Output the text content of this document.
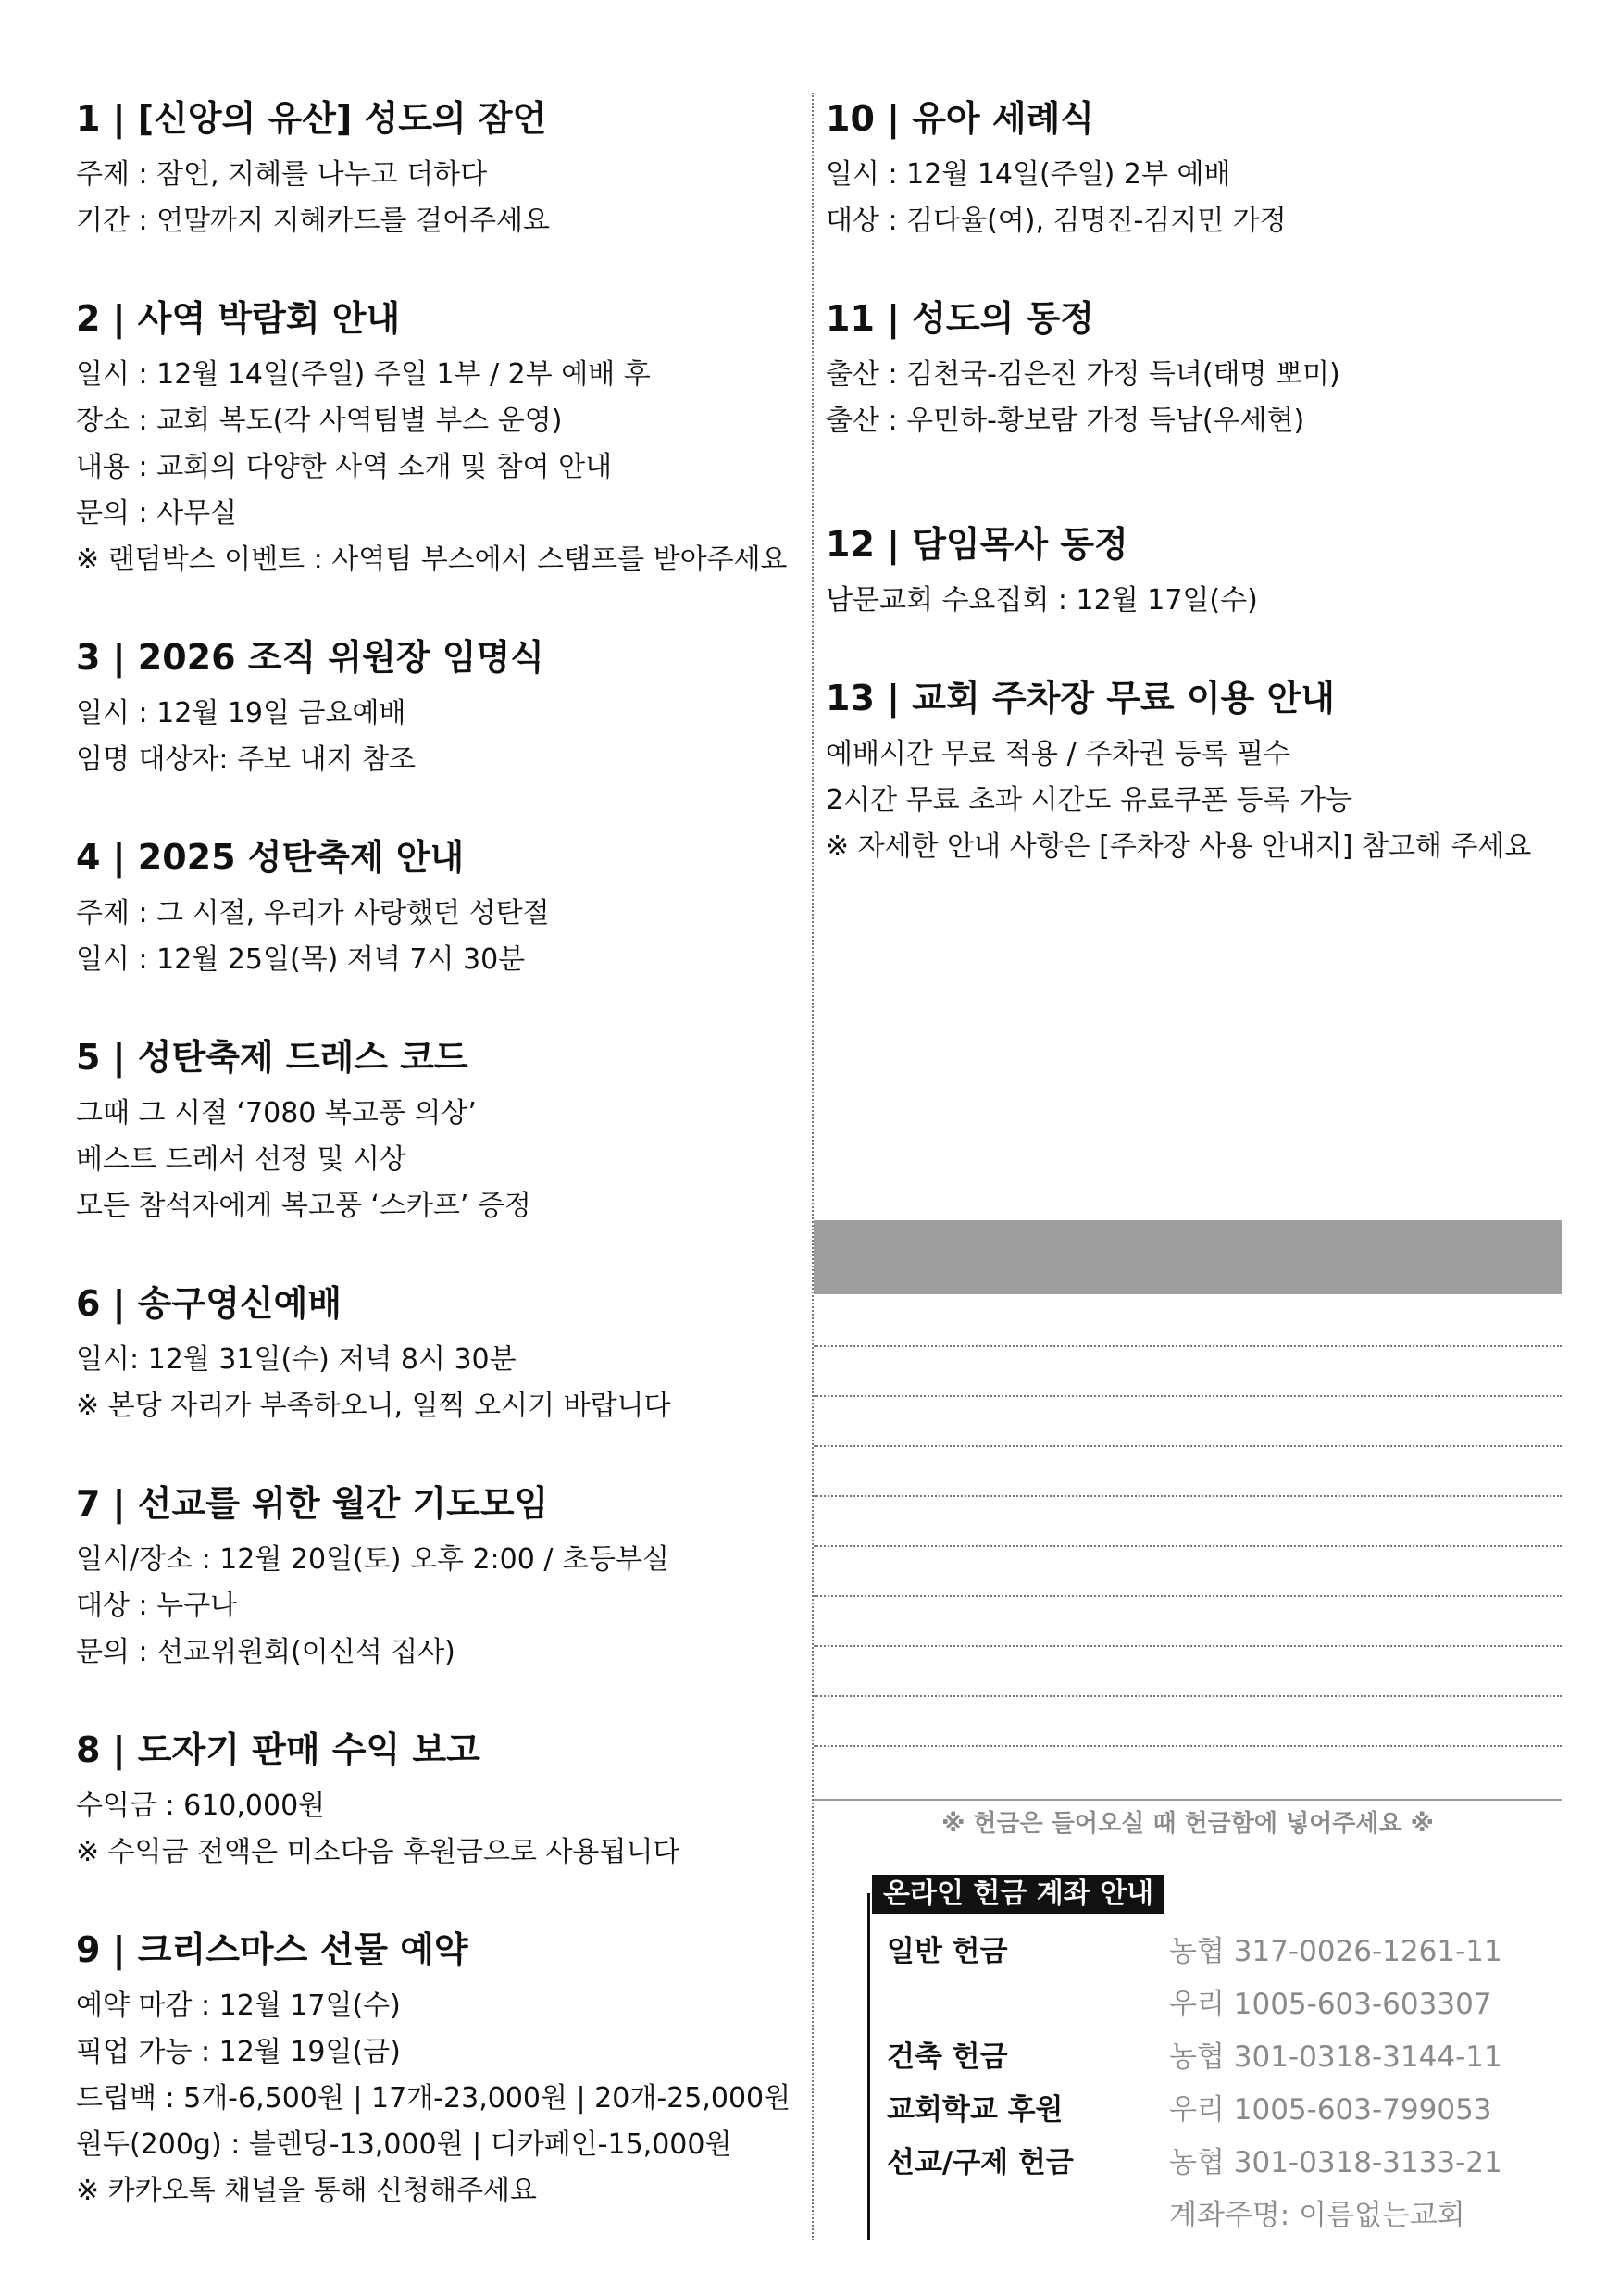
1 | [신앙의 유산] 성도의 잠언

주제 : 잠언, 지혜를 나누고 더하다

기간 : 연말까지 지혜카드를 걸어주세요

2 | 사역 박람회 안내

일시 : 12월 14일(주일) 주일 1부 / 2부 예배 후

장소 : 교회 복도(각 사역팀별 부스 운영)

내용 : 교회의 다양한 사역 소개 및 참여 안내

문의 : 사무실

※ 랜덤박스 이벤트 : 사역팀 부스에서 스탬프를 받아주세요

3 | 2026 조직 위원장 임명식

일시 : 12월 19일 금요예배

임명 대상자: 주보 내지 참조

4 | 2025 성탄축제 안내

주제 : 그 시절, 우리가 사랑했던 성탄절

일시 : 12월 25일(목) 저녁 7시 30분

5 | 성탄축제 드레스 코드

그때 그 시절 ‘7080 복고풍 의상’

베스트 드레서 선정 및 시상

모든 참석자에게 복고풍 ‘스카프’ 증정

6 | 송구영신예배

일시: 12월 31일(수) 저녁 8시 30분

※ 본당 자리가 부족하오니, 일찍 오시기 바랍니다

7 | 선교를 위한 월간 기도모임

일시/장소 : 12월 20일(토) 오후 2:00 / 초등부실

대상 : 누구나

문의 : 선교위원회(이신석 집사)

8 | 도자기 판매 수익 보고

수익금 : 610,000원

※ 수익금 전액은 미소다음 후원금으로 사용됩니다

9 | 크리스마스 선물 예약

예약 마감 : 12월 17일(수)

픽업 가능 : 12월 19일(금)

드립백 : 5개-6,500원 | 17개-23,000원 | 20개-25,000원

원두(200g) : 블렌딩-13,000원 | 디카페인-15,000원

※ 카카오톡 채널을 통해 신청해주세요

10 | 유아 세례식

일시 : 12월 14일(주일) 2부 예배

대상 : 김다율(여), 김명진-김지민 가정

11 | 성도의 동정

출산 : 김천국-김은진 가정 득녀(태명 뽀미)

출산 : 우민하-황보람 가정 득남(우세현)

12 | 담임목사 동정

남문교회 수요집회 : 12월 17일(수)

13 | 교회 주차장 무료 이용 안내

예배시간 무료 적용 / 주차권 등록 필수

2시간 무료 초과 시간도 유료쿠폰 등록 가능

※ 자세한 안내 사항은 [주차장 사용 안내지] 참고해 주세요

※ 헌금은 들어오실 때 헌금함에 넣어주세요 ※
온라인 헌금 계좌 안내
일반 헌금	농협 317-0026-1261-11
우리 1005-603-603307
건축 헌금	농협 301-0318-3144-11
교회학교 후원	우리 1005-603-799053
선교/구제 헌금	농협 301-0318-3133-21
계좌주명: 이름없는교회
